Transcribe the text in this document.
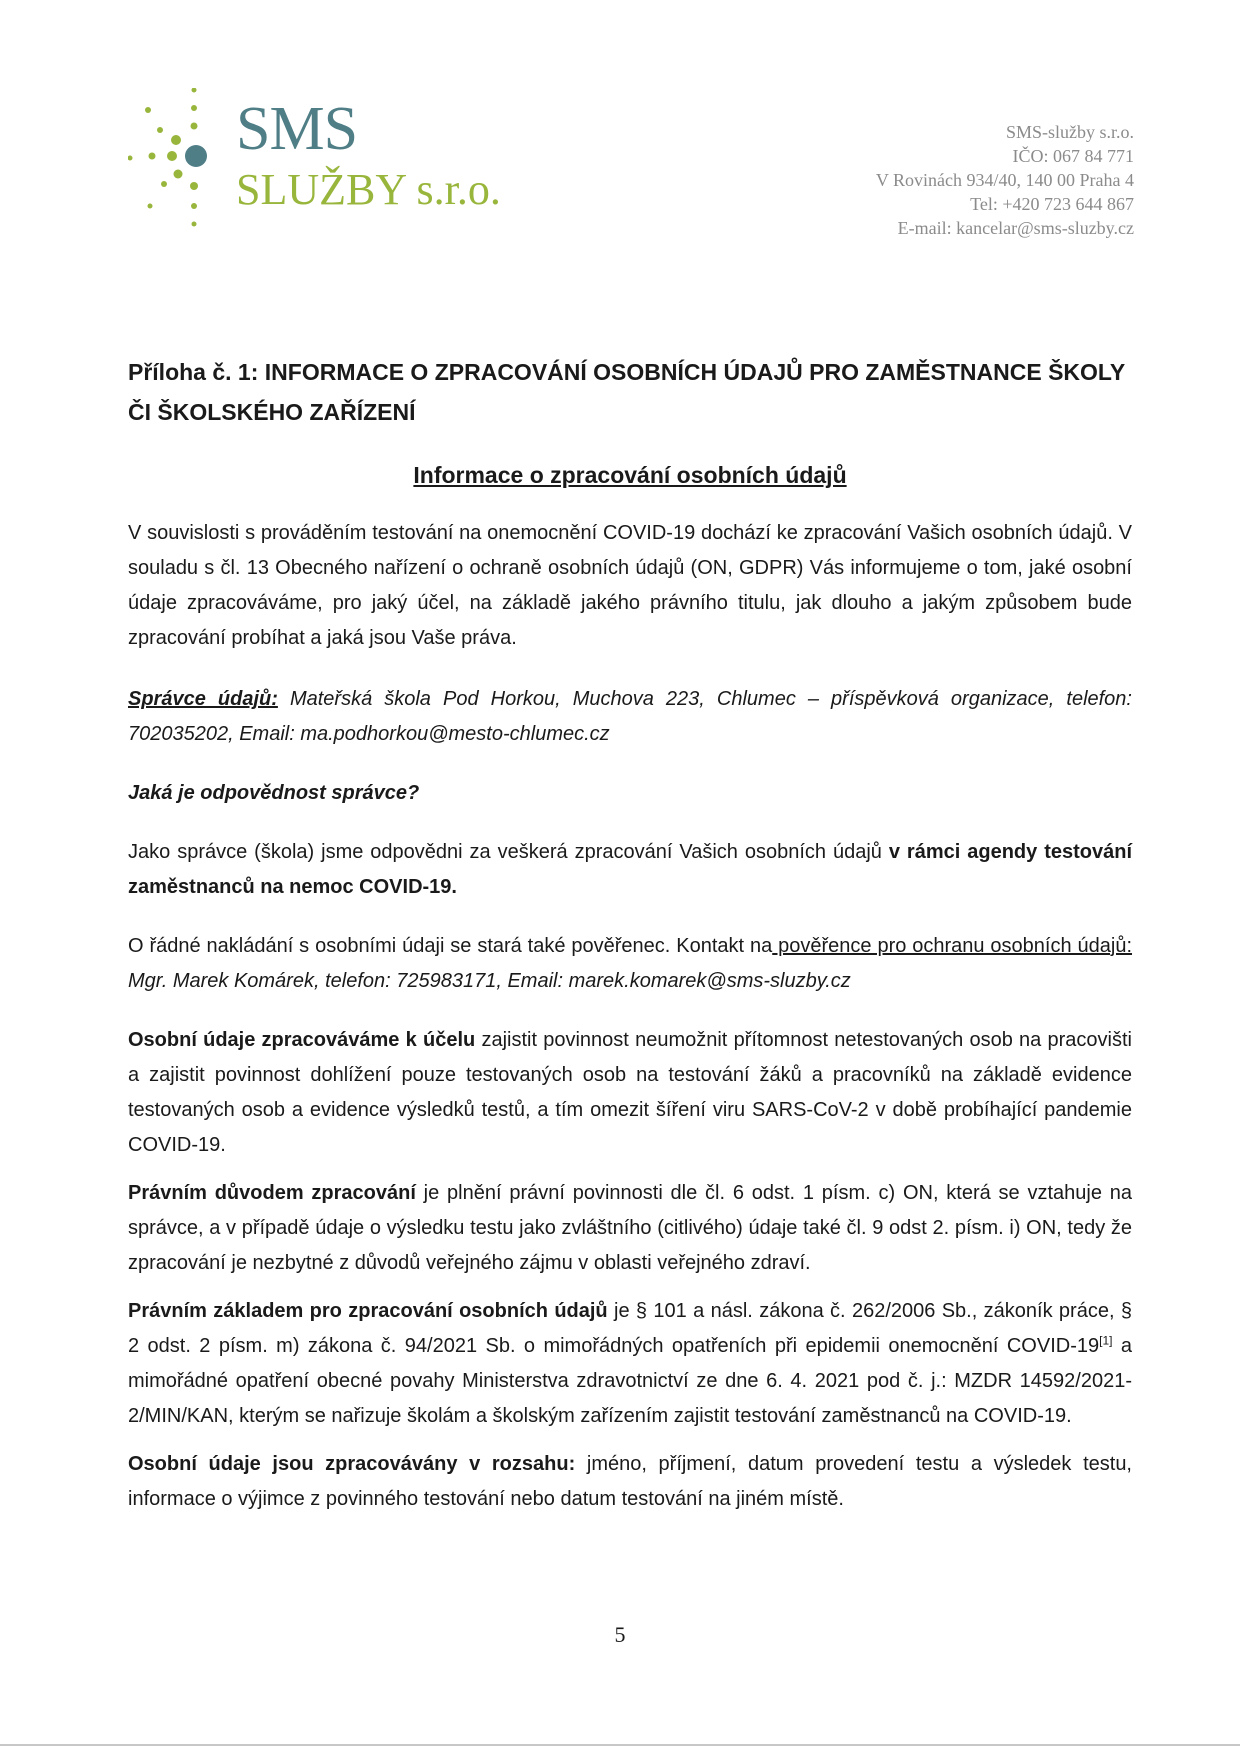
SMS
SLUŽBY s.r.o.
SMS-služby s.r.o.
IČO: 067 84 771
V Rovinách 934/40, 140 00 Praha 4
Tel: +420 723 644 867
E-mail: kancelar@sms-sluzby.cz
Příloha č. 1: INFORMACE O ZPRACOVÁNÍ OSOBNÍCH ÚDAJŮ PRO ZAMĚSTNANCE ŠKOLY ČI ŠKOLSKÉHO ZAŘÍZENÍ
Informace o zpracování osobních údajů

V souvislosti s prováděním testování na onemocnění COVID-19 dochází ke zpracování Vašich osobních údajů. V souladu s čl. 13 Obecného nařízení o ochraně osobních údajů (ON, GDPR) Vás informujeme o tom, jaké osobní údaje zpracováváme, pro jaký účel, na základě jakého právního titulu, jak dlouho a jakým způsobem bude zpracování probíhat a jaká jsou Vaše práva.

Správce údajů: Mateřská škola Pod Horkou, Muchova 223, Chlumec – příspěvková organizace, telefon: 702035202, Email: ma.podhorkou@mesto-chlumec.cz

Jaká je odpovědnost správce?

Jako správce (škola) jsme odpovědni za veškerá zpracování Vašich osobních údajů v rámci agendy testování zaměstnanců na nemoc COVID-19.

O řádné nakládání s osobními údaji se stará také pověřenec. Kontakt na pověřence pro ochranu osobních údajů: Mgr. Marek Komárek, telefon: 725983171, Email: marek.komarek@sms-sluzby.cz

Osobní údaje zpracováváme k účelu zajistit povinnost neumožnit přítomnost netestovaných osob na pracovišti a zajistit povinnost dohlížení pouze testovaných osob na testování žáků a pracovníků na základě evidence testovaných osob a evidence výsledků testů, a tím omezit šíření viru SARS-CoV-2 v době probíhající pandemie COVID-19.

Právním důvodem zpracování je plnění právní povinnosti dle čl. 6 odst. 1 písm. c) ON, která se vztahuje na správce, a v případě údaje o výsledku testu jako zvláštního (citlivého) údaje také čl. 9 odst 2. písm. i) ON, tedy že zpracování je nezbytné z důvodů veřejného zájmu v oblasti veřejného zdraví.

Právním základem pro zpracování osobních údajů je § 101 a násl. zákona č. 262/2006 Sb., zákoník práce, § 2 odst. 2 písm. m) zákona č. 94/2021 Sb. o mimořádných opatřeních při epidemii onemocnění COVID-19[1] a mimořádné opatření obecné povahy Ministerstva zdravotnictví ze dne 6. 4. 2021 pod č. j.: MZDR 14592/2021-2/MIN/KAN, kterým se nařizuje školám a školským zařízením zajistit testování zaměstnanců na COVID-19.

Osobní údaje jsou zpracovávány v rozsahu: jméno, příjmení, datum provedení testu a výsledek testu, informace o výjimce z povinného testování nebo datum testování na jiném místě.

5
